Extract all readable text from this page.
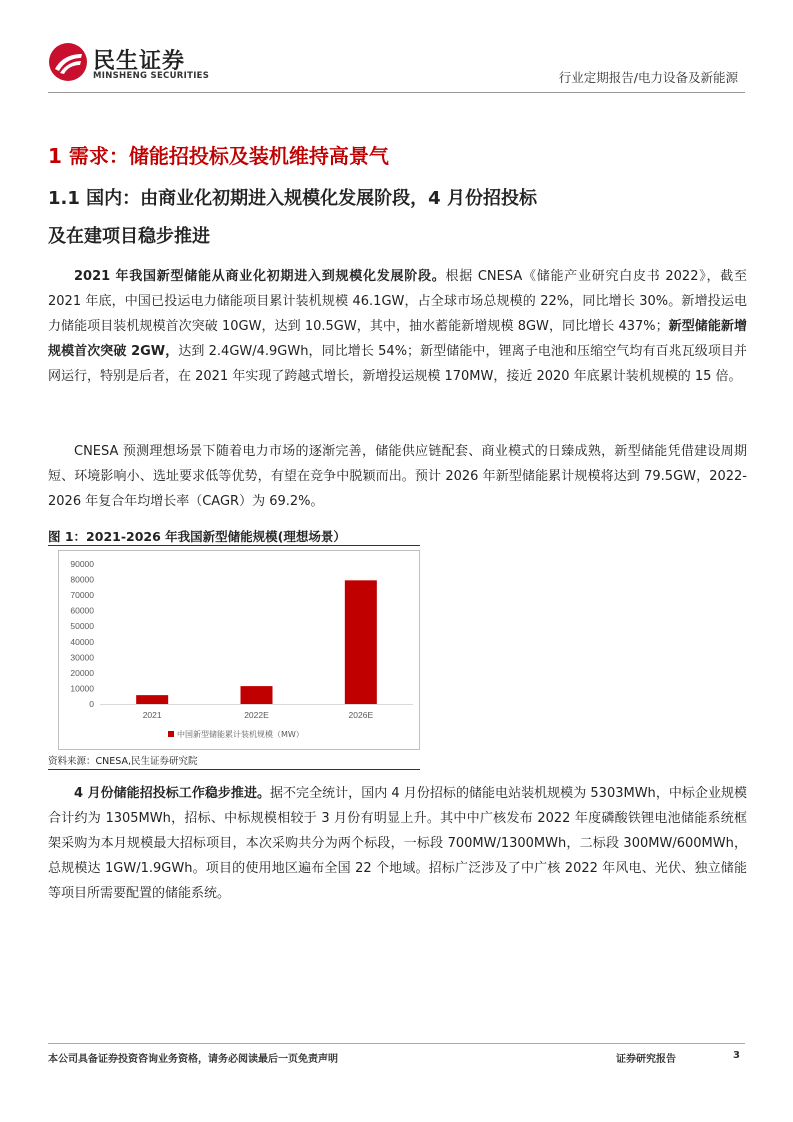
民生证券
MINSHENG SECURITIES	行业定期报告/电力设备及新能源
1 需求：储能招投标及装机维持高景气
1.1 国内：由商业化初期进入规模化发展阶段，4 月份招投标及在建项目稳步推进
2021 年我国新型储能从商业化初期进入到规模化发展阶段。根据 CNESA《储能产业研究白皮书 2022》，截至 2021 年底，中国已投运电力储能项目累计装机规模 46.1GW，占全球市场总规模的 22%，同比增长 30%。新增投运电力储能项目装机规模首次突破 10GW，达到 10.5GW，其中，抽水蓄能新增规模 8GW，同比增长 437%；新型储能新增规模首次突破 2GW，达到 2.4GW/4.9GWh，同比增长 54%；新型储能中，锂离子电池和压缩空气均有百兆瓦级项目并网运行，特别是后者，在 2021 年实现了跨越式增长，新增投运规模 170MW，接近 2020 年底累计装机规模的 15 倍。
CNESA 预测理想场景下随着电力市场的逐渐完善，储能供应链配套、商业模式的日臻成熟，新型储能凭借建设周期短、环境影响小、选址要求低等优势，有望在竞争中脱颖而出。预计 2026 年新型储能累计规模将达到 79.5GW，2022-2026 年复合年均增长率（CAGR）为 69.2%。
图 1：2021-2026 年我国新型储能规模(理想场景）
0
10000
20000
30000
40000
50000
60000
70000
80000
90000
2021	2022E	2026E
中国新型储能累计装机规模（MW）
资料来源：CNESA,民生证券研究院
4 月份储能招投标工作稳步推进。据不完全统计，国内 4 月份招标的储能电站装机规模为 5303MWh，中标企业规模合计约为 1305MWh，招标、中标规模相较于 3 月份有明显上升。其中中广核发布 2022 年度磷酸铁锂电池储能系统框架采购为本月规模最大招标项目，本次采购共分为两个标段，一标段 700MW/1300MWh，二标段 300MW/600MWh，总规模达 1GW/1.9GWh。项目的使用地区遍布全国 22 个地域。招标广泛涉及了中广核 2022 年风电、光伏、独立储能等项目所需要配置的储能系统。
本公司具备证券投资咨询业务资格，请务必阅读最后一页免责声明	证券研究报告	3
